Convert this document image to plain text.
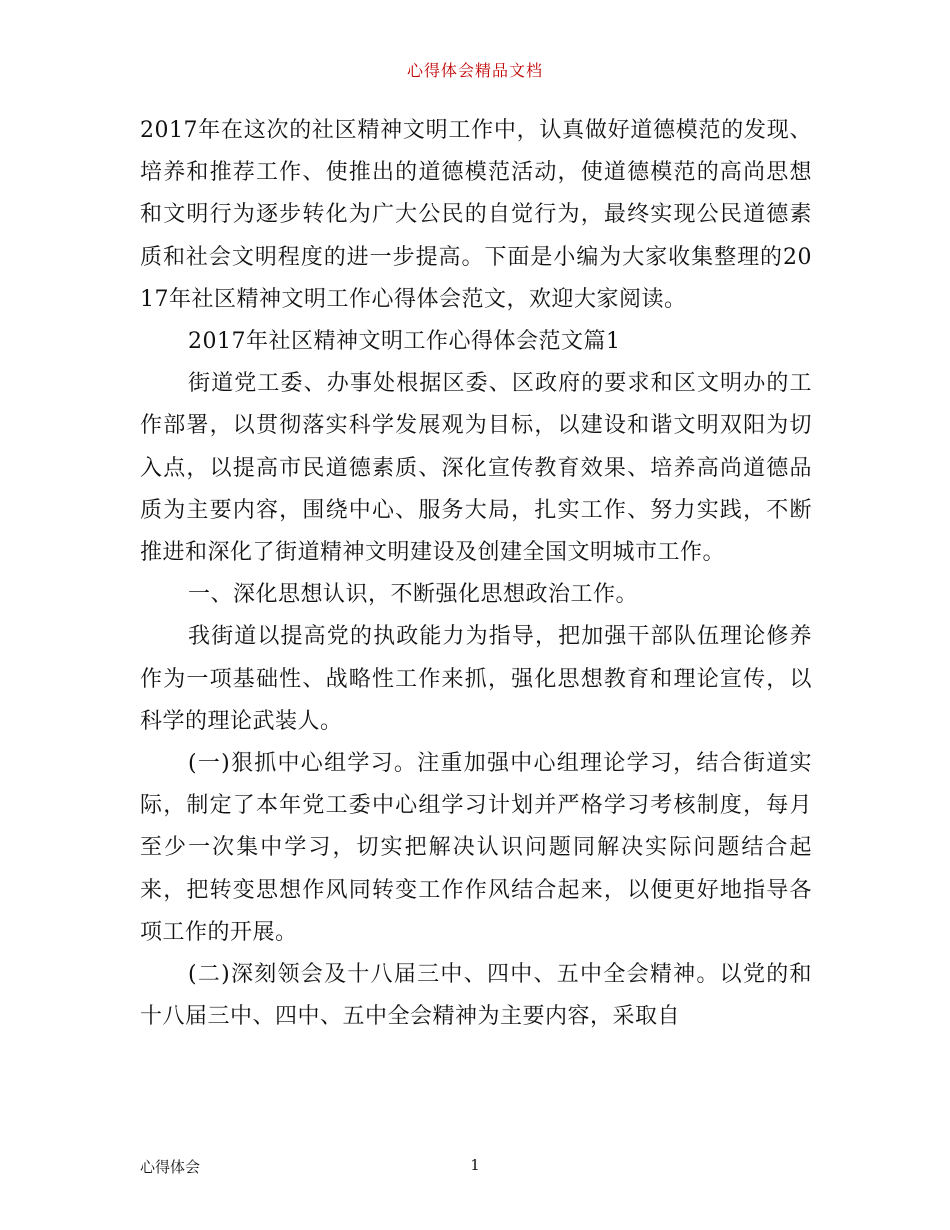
心得体会精品文档

2017年在这次的社区精神文明工作中，认真做好道德模范的发现、培养和推荐工作、使推出的道德模范活动，使道德模范的高尚思想和文明行为逐步转化为广大公民的自觉行为，最终实现公民道德素质和社会文明程度的进一步提高。下面是小编为大家收集整理的2017年社区精神文明工作心得体会范文，欢迎大家阅读。

2017年社区精神文明工作心得体会范文篇1

街道党工委、办事处根据区委、区政府的要求和区文明办的工作部署，以贯彻落实科学发展观为目标，以建设和谐文明双阳为切入点，以提高市民道德素质、深化宣传教育效果、培养高尚道德品质为主要内容，围绕中心、服务大局，扎实工作、努力实践，不断推进和深化了街道精神文明建设及创建全国文明城市工作。

一、深化思想认识，不断强化思想政治工作。

我街道以提高党的执政能力为指导，把加强干部队伍理论修养作为一项基础性、战略性工作来抓，强化思想教育和理论宣传，以科学的理论武装人。

(一)狠抓中心组学习。注重加强中心组理论学习，结合街道实际，制定了本年党工委中心组学习计划并严格学习考核制度，每月至少一次集中学习，切实把解决认识问题同解决实际问题结合起来，把转变思想作风同转变工作作风结合起来，以便更好地指导各项工作的开展。

(二)深刻领会及十八届三中、四中、五中全会精神。以党的和十八届三中、四中、五中全会精神为主要内容，采取自

心得体会	1
